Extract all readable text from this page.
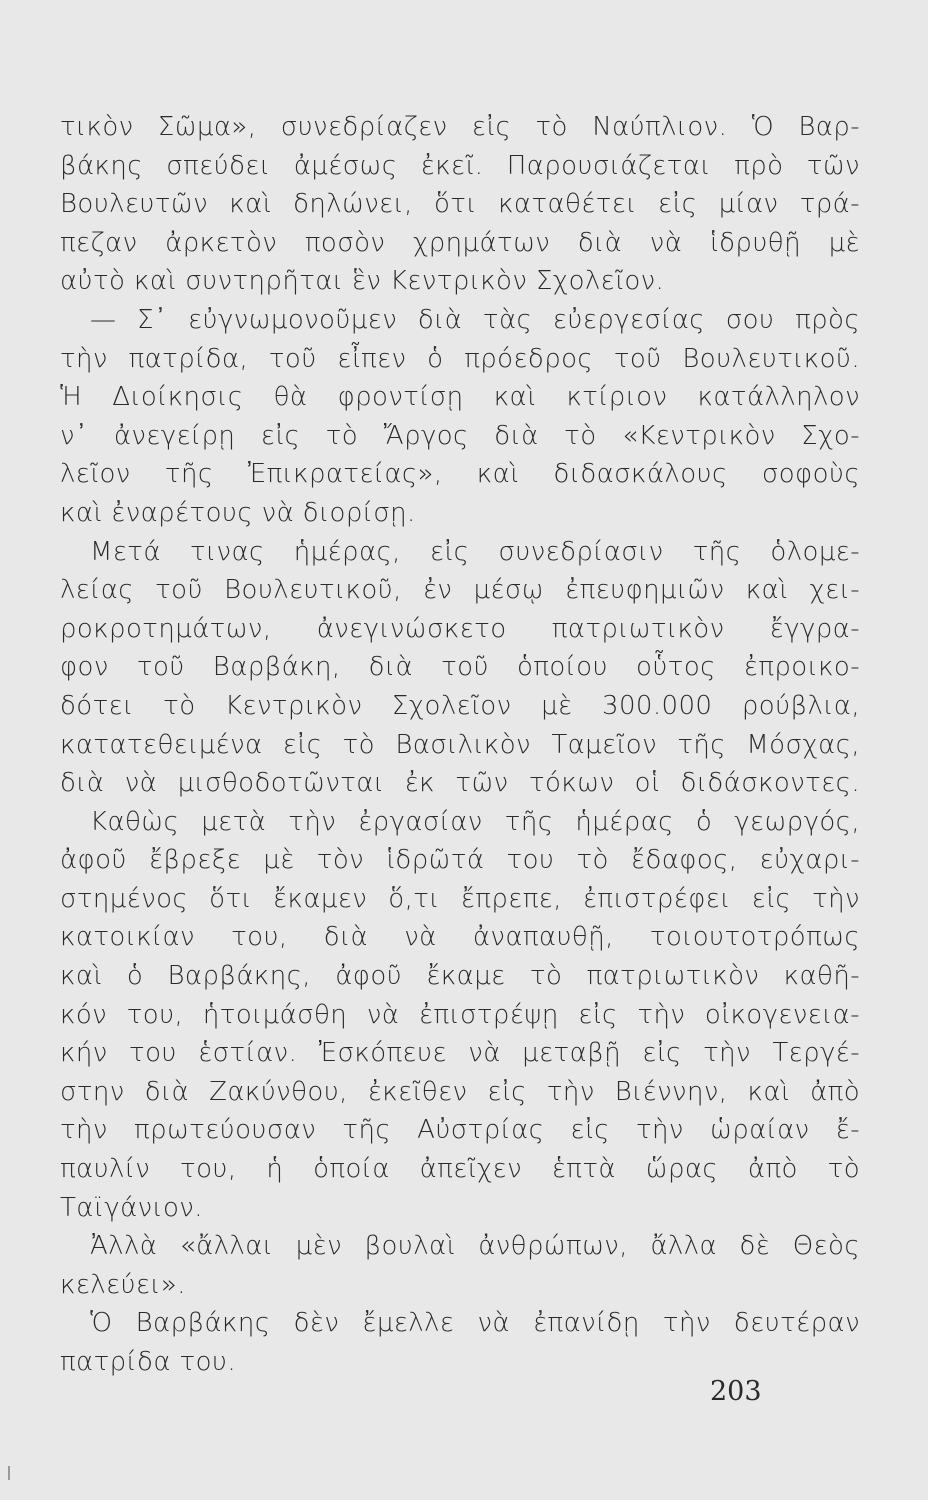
τικὸν Σῶμα», συνεδρίαζεν εἰς τὸ Ναύπλιον. Ὁ Βαρ-
βάκης σπεύδει ἀμέσως ἐκεῖ. Παρουσιάζεται πρὸ τῶν
Βουλευτῶν καὶ δηλώνει, ὅτι καταθέτει εἰς μίαν τρά-
πεζαν ἀρκετὸν ποσὸν χρημάτων διὰ νὰ ἱδρυθῇ μὲ
αὐτὸ καὶ συντηρῆται ἓν Κεντρικὸν Σχολεῖον.
— Σ᾽ εὐγνωμονοῦμεν διὰ τὰς εὐεργεσίας σου πρὸς
τὴν πατρίδα, τοῦ εἶπεν ὁ πρόεδρος τοῦ Βουλευτικοῦ.
Ἡ Διοίκησις θὰ φροντίσῃ καὶ κτίριον κατάλληλον
ν᾽ ἀνεγείρῃ εἰς τὸ Ἄργος διὰ τὸ «Κεντρικὸν Σχο-
λεῖον τῆς Ἐπικρατείας», καὶ διδασκάλους σοφοὺς
καὶ ἐναρέτους νὰ διορίσῃ.
Μετά τινας ἡμέρας, εἰς συνεδρίασιν τῆς ὁλομε-
λείας τοῦ Βουλευτικοῦ, ἐν μέσῳ ἐπευφημιῶν καὶ χει-
ροκροτημάτων, ἀνεγινώσκετο πατριωτικὸν ἔγγρα-
φον τοῦ Βαρβάκη, διὰ τοῦ ὁποίου οὗτος ἐπροικο-
δότει τὸ Κεντρικὸν Σχολεῖον μὲ 300.000 ρούβλια,
κατατεθειμένα εἰς τὸ Βασιλικὸν Ταμεῖον τῆς Μόσχας,
διὰ νὰ μισθοδοτῶνται ἐκ τῶν τόκων οἱ διδάσκοντες.
Καθὼς μετὰ τὴν ἐργασίαν τῆς ἡμέρας ὁ γεωργός,
ἀφοῦ ἔβρεξε μὲ τὸν ἱδρῶτά του τὸ ἔδαφος, εὐχαρι-
στημένος ὅτι ἔκαμεν ὅ,τι ἔπρεπε, ἐπιστρέφει εἰς τὴν
κατοικίαν του, διὰ νὰ ἀναπαυθῇ, τοιουτοτρόπως
καὶ ὁ Βαρβάκης, ἀφοῦ ἔκαμε τὸ πατριωτικὸν καθῆ-
κόν του, ἡτοιμάσθη νὰ ἐπιστρέψῃ εἰς τὴν οἰκογενεια-
κήν του ἑστίαν. Ἐσκόπευε νὰ μεταβῇ εἰς τὴν Τεργέ-
στην διὰ Ζακύνθου, ἐκεῖθεν εἰς τὴν Βιέννην, καὶ ἀπὸ
τὴν πρωτεύουσαν τῆς Αὐστρίας εἰς τὴν ὡραίαν ἔ-
παυλίν του, ἡ ὁποία ἀπεῖχεν ἑπτὰ ὥρας ἀπὸ τὸ
Ταϊγάνιον.
Ἀλλὰ «ἄλλαι μὲν βουλαὶ ἀνθρώπων, ἄλλα δὲ Θεὸς
κελεύει».
Ὁ Βαρβάκης δὲν ἔμελλε νὰ ἐπανίδῃ τὴν δευτέραν
πατρίδα του.
203
